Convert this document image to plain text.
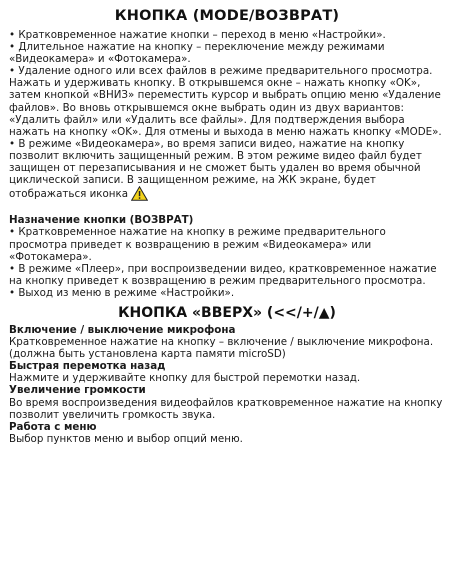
КНОПКА (MODE/ВОЗВРАТ)

• Кратковременное нажатие кнопки – переход в меню «Настройки».

• Длительное нажатие на кнопку – переключение между режимами «Видеокамера» и «Фотокамера».

• Удаление одного или всех файлов в режиме предварительного просмотра. Нажать и удерживать кнопку. В открывшемся окне – нажать кнопку «OK», затем кнопкой «ВНИЗ» переместить курсор и выбрать опцию меню «Удаление файлов». Во вновь открывшемся окне выбрать один из двух вариантов: «Удалить файл» или «Удалить все файлы». Для подтверждения выбора нажать на кнопку «OK». Для отмены и выхода в меню нажать кнопку «MODE».

• В режиме «Видеокамера», во время записи видео, нажатие на кнопку позволит включить защищенный режим. В этом режиме видео файл будет защищен от перезаписывания и не сможет быть удален во время обычной циклической записи. В защищенном режиме, на ЖК экране, будет отображаться иконка

Назначение кнопки (ВОЗВРАТ)

• Кратковременное нажатие на кнопку в режиме предварительного просмотра приведет к возвращению в режим «Видеокамера» или «Фотокамера».

• В режиме «Плеер», при воспроизведении видео, кратковременное нажатие на кнопку приведет к возвращению в режим предварительного просмотра.

• Выход из меню в режиме «Настройки».

КНОПКА «ВВЕРХ» (<</+/▲)

Включение / выключение микрофона

Кратковременное нажатие на кнопку – включение / выключение микрофона. (должна быть установлена карта памяти microSD)

Быстрая перемотка назад

Нажмите и удерживайте кнопку для быстрой перемотки назад.

Увеличение громкости

Во время воспроизведения видеофайлов кратковременное нажатие на кнопку позволит увеличить громкость звука.

Работа с меню

Выбор пунктов меню и выбор опций меню.
